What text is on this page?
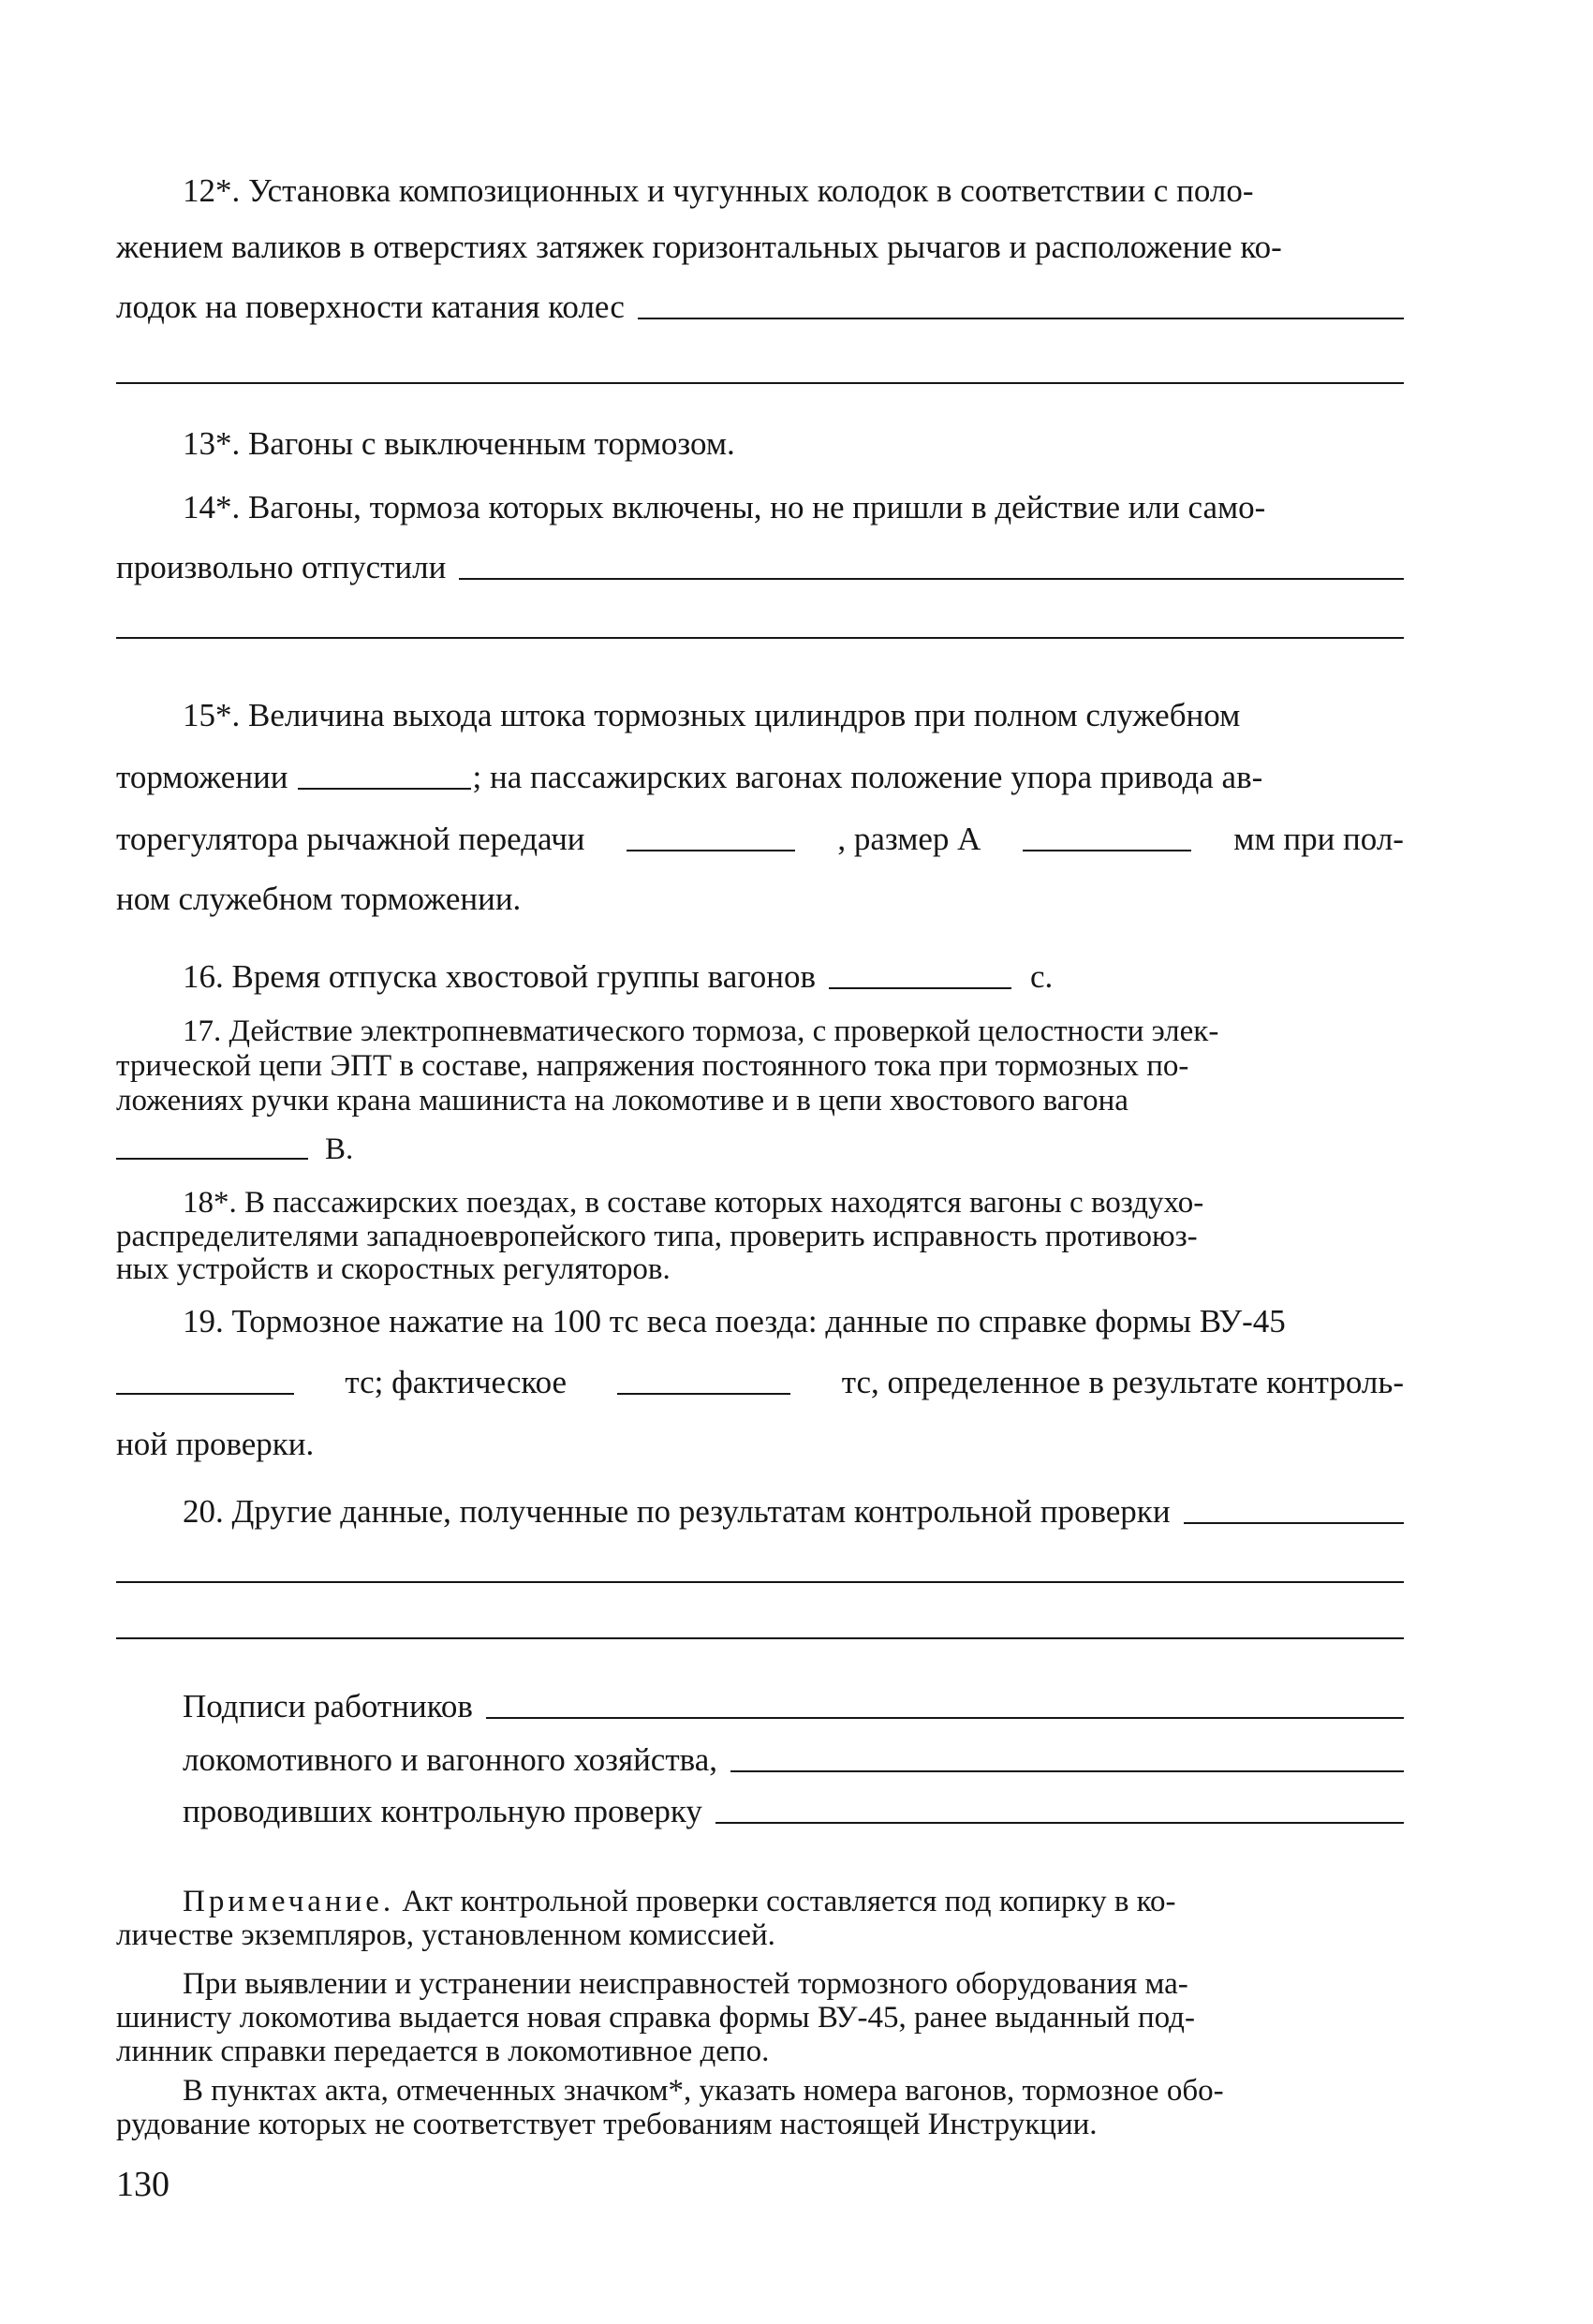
12*. Установка композиционных и чугунных колодок в соответствии с поло-
жением валиков в отверстиях затяжек горизонтальных рычагов и расположение ко-
лодок на поверхности катания колес
13*. Вагоны с выключенным тормозом.
14*. Вагоны, тормоза которых включены, но не пришли в действие или само-
произвольно отпустили
15*. Величина выхода штока тормозных цилиндров при полном служебном
торможении	; на пассажирских вагонах положение упора привода ав-
торегулятора рычажной передачи	, размер А	мм при пол-
ном служебном торможении.
16. Время отпуска хвостовой группы вагонов	с.
17. Действие электропневматического тормоза, с проверкой целостности элек-
трической цепи ЭПТ в составе, напряжения постоянного тока при тормозных по-
ложениях ручки крана машиниста на локомотиве и в цепи хвостового вагона
В.
18*. В пассажирских поездах, в составе которых находятся вагоны с воздухо-
распределителями западноевропейского типа, проверить исправность противоюз-
ных устройств и скоростных регуляторов.
19. Тормозное нажатие на 100 тс веса поезда: данные по справке формы ВУ-45
тс; фактическое	тс, определенное в результате контроль-
ной проверки.
20. Другие данные, полученные по результатам контрольной проверки
Подписи работников
локомотивного и вагонного хозяйства,
проводивших контрольную проверку
Примечание. Акт контрольной проверки составляется под копирку в ко-
личестве экземпляров, установленном комиссией.
При выявлении и устранении неисправностей тормозного оборудования ма-
шинисту локомотива выдается новая справка формы ВУ-45, ранее выданный под-
линник справки передается в локомотивное депо.
В пунктах акта, отмеченных значком*, указать номера вагонов, тормозное обо-
рудование которых не соответствует требованиям настоящей Инструкции.
130
